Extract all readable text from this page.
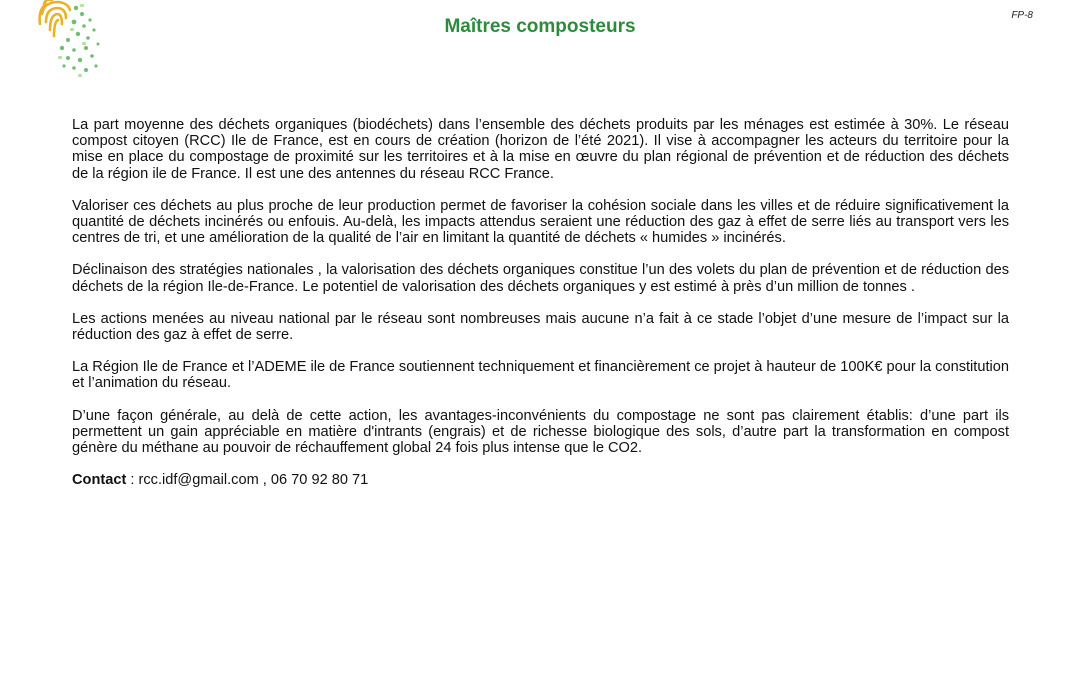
Maîtres composteurs
FP-8

La part moyenne des déchets organiques (biodéchets) dans l’ensemble des déchets produits par les ménages est estimée à 30%. Le réseau compost citoyen (RCC) Ile de France, est en cours de création (horizon de l’été 2021). Il vise à accompagner les acteurs du territoire pour la mise en place du compostage de proximité sur les territoires et à la mise en œuvre du plan régional de prévention et de réduction des déchets de la région ile de France. Il est une des antennes du réseau RCC France.

Valoriser ces déchets au plus proche de leur production permet de favoriser la cohésion sociale dans les villes et de réduire significativement la quantité de déchets incinérés ou enfouis. Au-delà, les impacts attendus seraient une réduction des gaz à effet de serre liés au transport vers les centres de tri, et une amélioration de la qualité de l’air en limitant la quantité de déchets « humides » incinérés.

Déclinaison des stratégies nationales , la valorisation des déchets organiques constitue l’un des volets du plan de prévention et de réduction des déchets de la région Ile-de-France. Le potentiel de valorisation des déchets organiques y est estimé à près d’un million de tonnes .

Les actions menées au niveau national par le réseau sont nombreuses mais aucune n’a fait à ce stade l’objet d’une mesure de l’impact sur la réduction des gaz à effet de serre.

La Région Ile de France et l’ADEME ile de France soutiennent techniquement et financièrement ce projet à hauteur de 100K€ pour la constitution et l’animation du réseau.

D’une façon générale, au delà de cette action, les avantages-inconvénients du compostage ne sont pas clairement établis: d’une part ils permettent un gain appréciable en matière d'intrants (engrais) et de richesse biologique des sols, d’autre part la transformation en compost génère du méthane au pouvoir de réchauffement global 24 fois plus intense que le CO2.

Contact : rcc.idf@gmail.com , 06 70 92 80 71
